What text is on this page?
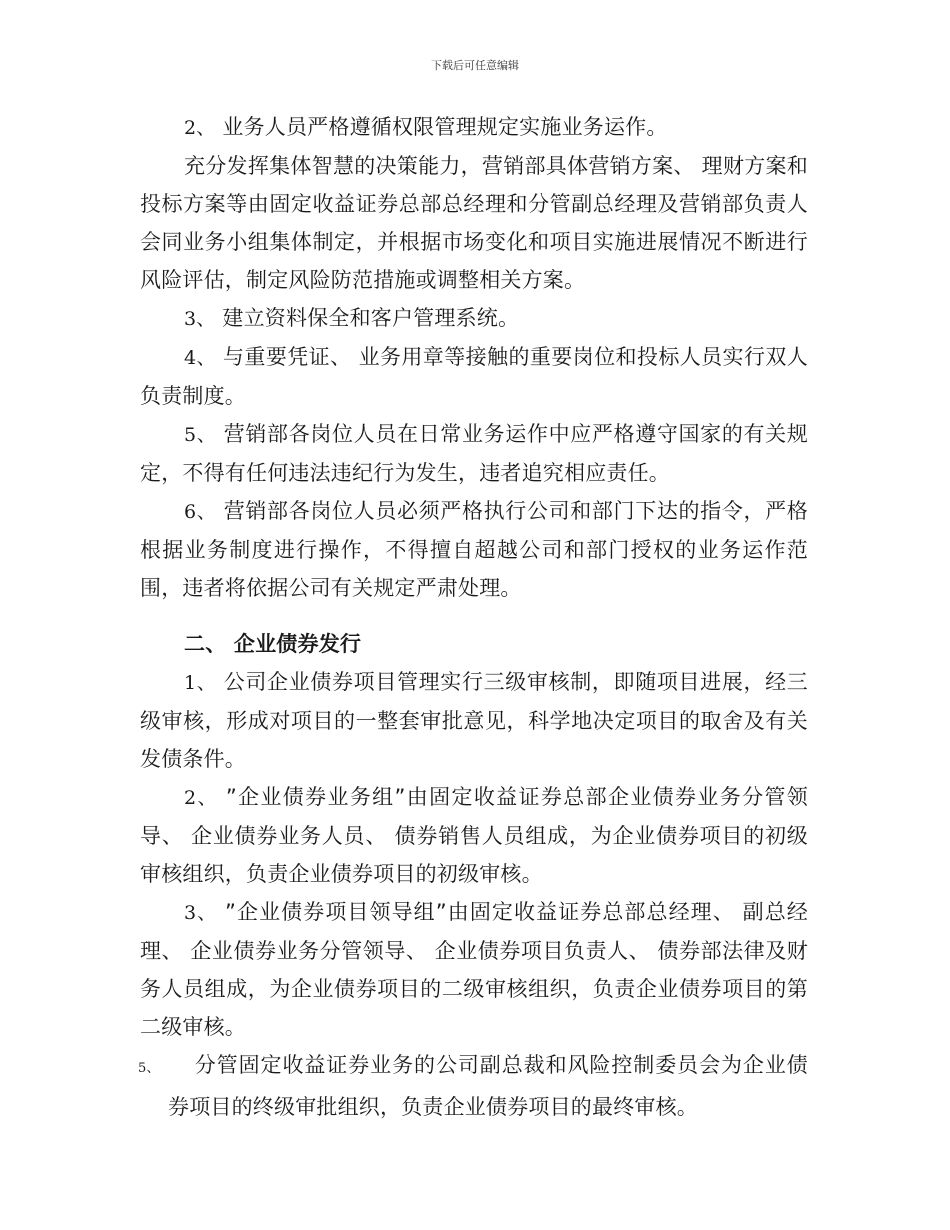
下载后可任意编辑

2、 业务人员严格遵循权限管理规定实施业务运作。

充分发挥集体智慧的决策能力，营销部具体营销方案、 理财方案和投标方案等由固定收益证券总部总经理和分管副总经理及营销部负责人会同业务小组集体制定，并根据市场变化和项目实施进展情况不断进行风险评估，制定风险防范措施或调整相关方案。

3、 建立资料保全和客户管理系统。

4、 与重要凭证、 业务用章等接触的重要岗位和投标人员实行双人负责制度。

5、 营销部各岗位人员在日常业务运作中应严格遵守国家的有关规定，不得有任何违法违纪行为发生，违者追究相应责任。

6、 营销部各岗位人员必须严格执行公司和部门下达的指令，严格根据业务制度进行操作，不得擅自超越公司和部门授权的业务运作范围，违者将依据公司有关规定严肃处理。

二、 企业债券发行

1、 公司企业债券项目管理实行三级审核制，即随项目进展，经三级审核，形成对项目的一整套审批意见，科学地决定项目的取舍及有关发债条件。

2、 ”企业债券业务组”由固定收益证券总部企业债券业务分管领导、 企业债券业务人员、 债券销售人员组成，为企业债券项目的初级审核组织，负责企业债券项目的初级审核。

3、 ”企业债券项目领导组”由固定收益证券总部总经理、 副总经理、 企业债券业务分管领导、 企业债券项目负责人、 债券部法律及财务人员组成，为企业债券项目的二级审核组织，负责企业债券项目的第二级审核。

5、 分管固定收益证券业务的公司副总裁和风险控制委员会为企业债券项目的终级审批组织，负责企业债券项目的最终审核。
